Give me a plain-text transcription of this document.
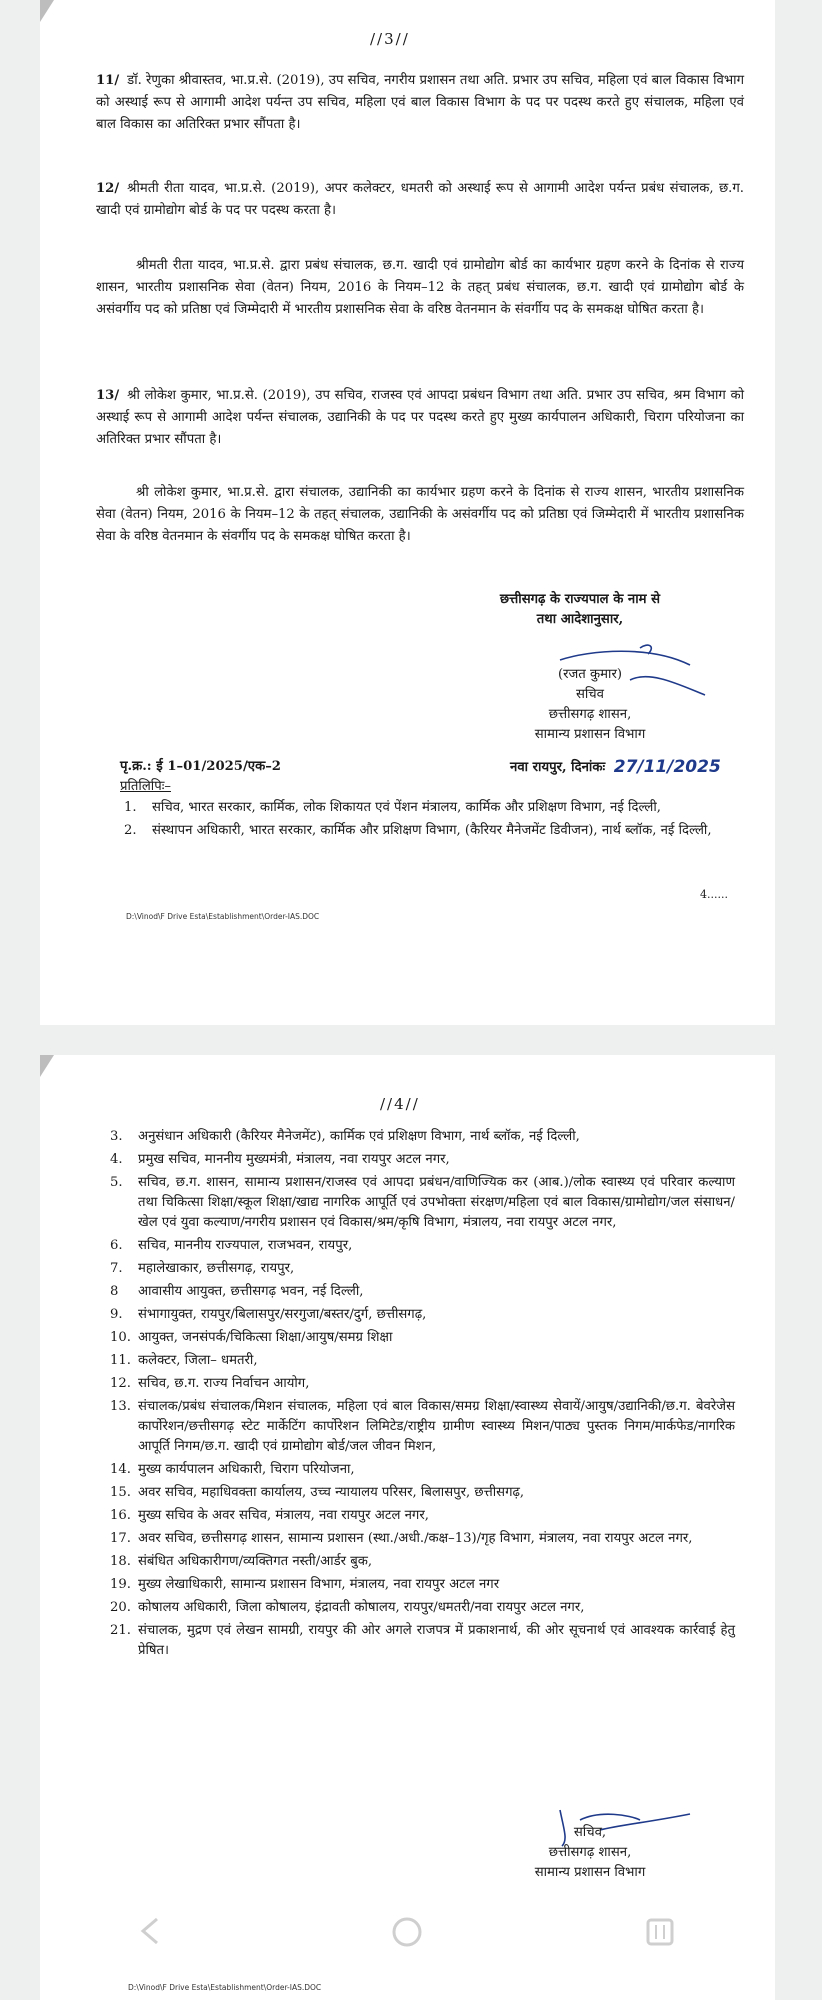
//3//

11/ डॉ. रेणुका श्रीवास्तव, भा.प्र.से. (2019), उप सचिव, नगरीय प्रशासन तथा अति. प्रभार उप सचिव, महिला एवं बाल विकास विभाग को अस्थाई रूप से आगामी आदेश पर्यन्त उप सचिव, महिला एवं बाल विकास विभाग के पद पर पदस्थ करते हुए संचालक, महिला एवं बाल विकास का अतिरिक्त प्रभार सौंपता है।

12/ श्रीमती रीता यादव, भा.प्र.से. (2019), अपर कलेक्टर, धमतरी को अस्थाई रूप से आगामी आदेश पर्यन्त प्रबंध संचालक, छ.ग. खादी एवं ग्रामोद्योग बोर्ड के पद पर पदस्थ करता है।

श्रीमती रीता यादव, भा.प्र.से. द्वारा प्रबंध संचालक, छ.ग. खादी एवं ग्रामोद्योग बोर्ड का कार्यभार ग्रहण करने के दिनांक से राज्य शासन, भारतीय प्रशासनिक सेवा (वेतन) नियम, 2016 के नियम–12 के तहत् प्रबंध संचालक, छ.ग. खादी एवं ग्रामोद्योग बोर्ड के असंवर्गीय पद को प्रतिष्ठा एवं जिम्मेदारी में भारतीय प्रशासनिक सेवा के वरिष्ठ वेतनमान के संवर्गीय पद के समकक्ष घोषित करता है।

13/ श्री लोकेश कुमार, भा.प्र.से. (2019), उप सचिव, राजस्व एवं आपदा प्रबंधन विभाग तथा अति. प्रभार उप सचिव, श्रम विभाग को अस्थाई रूप से आगामी आदेश पर्यन्त संचालक, उद्यानिकी के पद पर पदस्थ करते हुए मुख्य कार्यपालन अधिकारी, चिराग परियोजना का अतिरिक्त प्रभार सौंपता है।

श्री लोकेश कुमार, भा.प्र.से. द्वारा संचालक, उद्यानिकी का कार्यभार ग्रहण करने के दिनांक से राज्य शासन, भारतीय प्रशासनिक सेवा (वेतन) नियम, 2016 के नियम–12 के तहत् संचालक, उद्यानिकी के असंवर्गीय पद को प्रतिष्ठा एवं जिम्मेदारी में भारतीय प्रशासनिक सेवा के वरिष्ठ वेतनमान के संवर्गीय पद के समकक्ष घोषित करता है।

छत्तीसगढ़ के राज्यपाल के नाम से
तथा आदेशानुसार,
(रजत कुमार)
सचिव
छत्तीसगढ़ शासन,
सामान्य प्रशासन विभाग
पृ.क्र.: ई 1–01/2025/एक–2	नवा रायपुर, दिनांकः 27/11/2025
प्रतिलिपिः–
1. सचिव, भारत सरकार, कार्मिक, लोक शिकायत एवं पेंशन मंत्रालय, कार्मिक और प्रशिक्षण विभाग, नई दिल्ली,
2. संस्थापन अधिकारी, भारत सरकार, कार्मिक और प्रशिक्षण विभाग, (कैरियर मैनेजमेंट डिवीजन), नार्थ ब्लॉक, नई दिल्ली,
4......
D:\Vinod\F Drive Esta\Establishment\Order-IAS.DOC
//4//
3. अनुसंधान अधिकारी (कैरियर मैनेजमेंट), कार्मिक एवं प्रशिक्षण विभाग, नार्थ ब्लॉक, नई दिल्ली,
4. प्रमुख सचिव, माननीय मुख्यमंत्री, मंत्रालय, नवा रायपुर अटल नगर,
5. सचिव, छ.ग. शासन, सामान्य प्रशासन/राजस्व एवं आपदा प्रबंधन/वाणिज्यिक कर (आब.)/लोक स्वास्थ्य एवं परिवार कल्याण तथा चिकित्सा शिक्षा/स्कूल शिक्षा/खाद्य नागरिक आपूर्ति एवं उपभोक्ता संरक्षण/महिला एवं बाल विकास/ग्रामोद्योग/जल संसाधन/खेल एवं युवा कल्याण/नगरीय प्रशासन एवं विकास/श्रम/कृषि विभाग, मंत्रालय, नवा रायपुर अटल नगर,
6. सचिव, माननीय राज्यपाल, राजभवन, रायपुर,
7. महालेखाकार, छत्तीसगढ़, रायपुर,
8 आवासीय आयुक्त, छत्तीसगढ़ भवन, नई दिल्ली,
9. संभागायुक्त, रायपुर/बिलासपुर/सरगुजा/बस्तर/दुर्ग, छत्तीसगढ़,
10. आयुक्त, जनसंपर्क/चिकित्सा शिक्षा/आयुष/समग्र शिक्षा
11. कलेक्टर, जिला– धमतरी,
12. सचिव, छ.ग. राज्य निर्वाचन आयोग,
13. संचालक/प्रबंध संचालक/मिशन संचालक, महिला एवं बाल विकास/समग्र शिक्षा/स्वास्थ्य सेवायें/आयुष/उद्यानिकी/छ.ग. बेवरेजेस कार्पोरेशन/छत्तीसगढ़ स्टेट मार्केटिंग कार्पोरेशन लिमिटेड/राष्ट्रीय ग्रामीण स्वास्थ्य मिशन/पाठ्य पुस्तक निगम/मार्कफेड/नागरिक आपूर्ति निगम/छ.ग. खादी एवं ग्रामोद्योग बोर्ड/जल जीवन मिशन,
14. मुख्य कार्यपालन अधिकारी, चिराग परियोजना,
15. अवर सचिव, महाधिवक्ता कार्यालय, उच्च न्यायालय परिसर, बिलासपुर, छत्तीसगढ़,
16. मुख्य सचिव के अवर सचिव, मंत्रालय, नवा रायपुर अटल नगर,
17. अवर सचिव, छत्तीसगढ़ शासन, सामान्य प्रशासन (स्था./अधी./कक्ष–13)/गृह विभाग, मंत्रालय, नवा रायपुर अटल नगर,
18. संबंधित अधिकारीगण/व्यक्तिगत नस्ती/आर्डर बुक,
19. मुख्य लेखाधिकारी, सामान्य प्रशासन विभाग, मंत्रालय, नवा रायपुर अटल नगर
20. कोषालय अधिकारी, जिला कोषालय, इंद्रावती कोषालय, रायपुर/धमतरी/नवा रायपुर अटल नगर,
21. संचालक, मुद्रण एवं लेखन सामग्री, रायपुर की ओर अगले राजपत्र में प्रकाशनार्थ, की ओर सूचनार्थ एवं आवश्यक कार्रवाई हेतु प्रेषित।
सचिव,
छत्तीसगढ़ शासन,
सामान्य प्रशासन विभाग
D:\Vinod\F Drive Esta\Establishment\Order-IAS.DOC
